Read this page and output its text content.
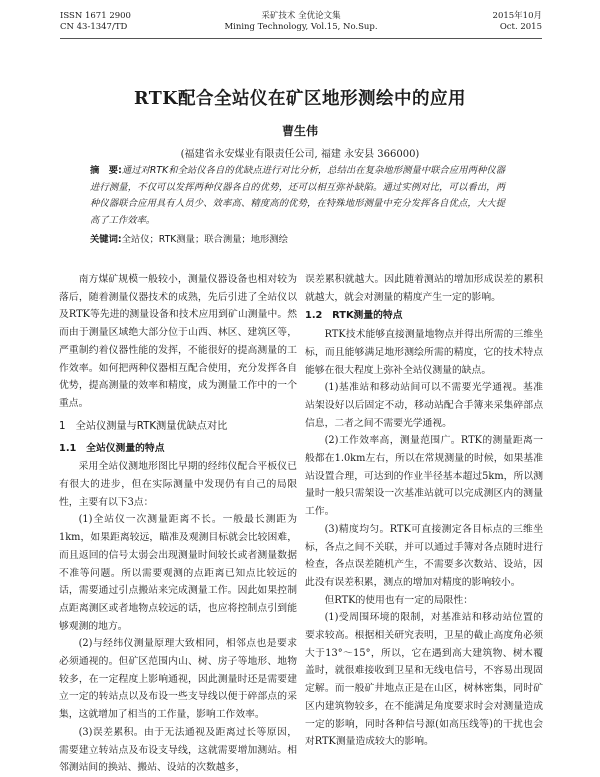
ISSN 1671 2900
CN 43-1347/TD
采矿技术 全优论文集
Mining Technology, Vol.15, No.Sup.
2015年10月
Oct. 2015
RTK配合全站仪在矿区地形测绘中的应用
曹生伟
(福建省永安煤业有限责任公司, 福建 永安县 366000)
摘　要:通过对RTK和全站仪各自的优缺点进行对比分析，总结出在复杂地形测量中联合应用两种仪器进行测量，不仅可以发挥两种仪器各自的优势，还可以相互弥补缺陷。通过实例对比，可以看出，两种仪器联合应用具有人员少、效率高、精度高的优势，在特殊地形测量中充分发挥各自优点，大大提高了工作效率。
关键词:全站仪；RTK测量；联合测量；地形测绘

南方煤矿规模一般较小，测量仪器设备也相对较为落后，随着测量仪器技术的成熟，先后引进了全站仪以及RTK等先进的测量设备和技术应用到矿山测量中。然而由于测量区域绝大部分位于山西、林区、建筑区等，严重制约着仪器性能的发挥，不能很好的提高测量的工作效率。如何把两种仪器相互配合使用，充分发挥各自优势，提高测量的效率和精度，成为测量工作中的一个重点。

1　全站仪测量与RTK测量优缺点对比
1.1　全站仪测量的特点

采用全站仪测地形图比早期的经纬仪配合平板仪已有很大的进步，但在实际测量中发现仍有自己的局限性，主要有以下3点：

(1)全站仪一次测量距离不长。一般最长测距为1km，如果距离较远，瞄准及观测目标就会比较困难，而且返回的信号太弱会出现测量时间较长或者测量数据不准等问题。所以需要观测的点距离已知点比较远的话，需要通过引点搬站来完成测量工作。因此如果控制点距离测区或者地物点较远的话，也应将控制点引到能够观测的地方。

(2)与经纬仪测量原理大致相同，相邻点也是要求必须通视的。但矿区范围内山、树、房子等地形、地物较多，在一定程度上影响通视，因此测量时还是需要建立一定的转站点以及布设一些支导线以便于碎部点的采集，这就增加了相当的工作量，影响工作效率。

(3)误差累积。由于无法通视及距离过长等原因，需要建立转站点及布设支导线，这就需要增加测站。相邻测站间的换站、搬站、设站的次数越多，

误差累积就越大。因此随着测站的增加形成误差的累积就越大，就会对测量的精度产生一定的影响。

1.2　RTK测量的特点

RTK技术能够直接测量地物点并得出所需的三维坐标，而且能够满足地形测绘所需的精度，它的技术特点能够在很大程度上弥补全站仪测量的缺点。

(1)基准站和移动站间可以不需要光学通视。基准站架设好以后固定不动，移动站配合手簿来采集碎部点信息，二者之间不需要光学通视。

(2)工作效率高，测量范围广。RTK的测量距离一般都在1.0km左右，所以在常规测量的时候，如果基准站设置合理，可达到的作业半径基本超过5km，所以测量时一般只需架设一次基准站就可以完成测区内的测量工作。

(3)精度均匀。RTK可直接测定各目标点的三维坐标，各点之间不关联，并可以通过手簿对各点随时进行检查，各点误差随机产生，不需要多次数站、设站，因此没有误差积累，测点的增加对精度的影响较小。

但RTK的使用也有一定的局限性：

(1)受周围环境的限制，对基准站和移动站位置的要求较高。根据相关研究表明，卫星的截止高度角必须大于13°～15°，所以，它在遇到高大建筑物、树木覆盖时，就很难接收到卫星和无线电信号，不容易出现固定解。而一般矿井地点正是在山区，树林密集，同时矿区内建筑物较多，在不能满足角度要求时会对测量造成一定的影响，同时各种信号源(如高压线等)的干扰也会对RTK测量造成较大的影响。
